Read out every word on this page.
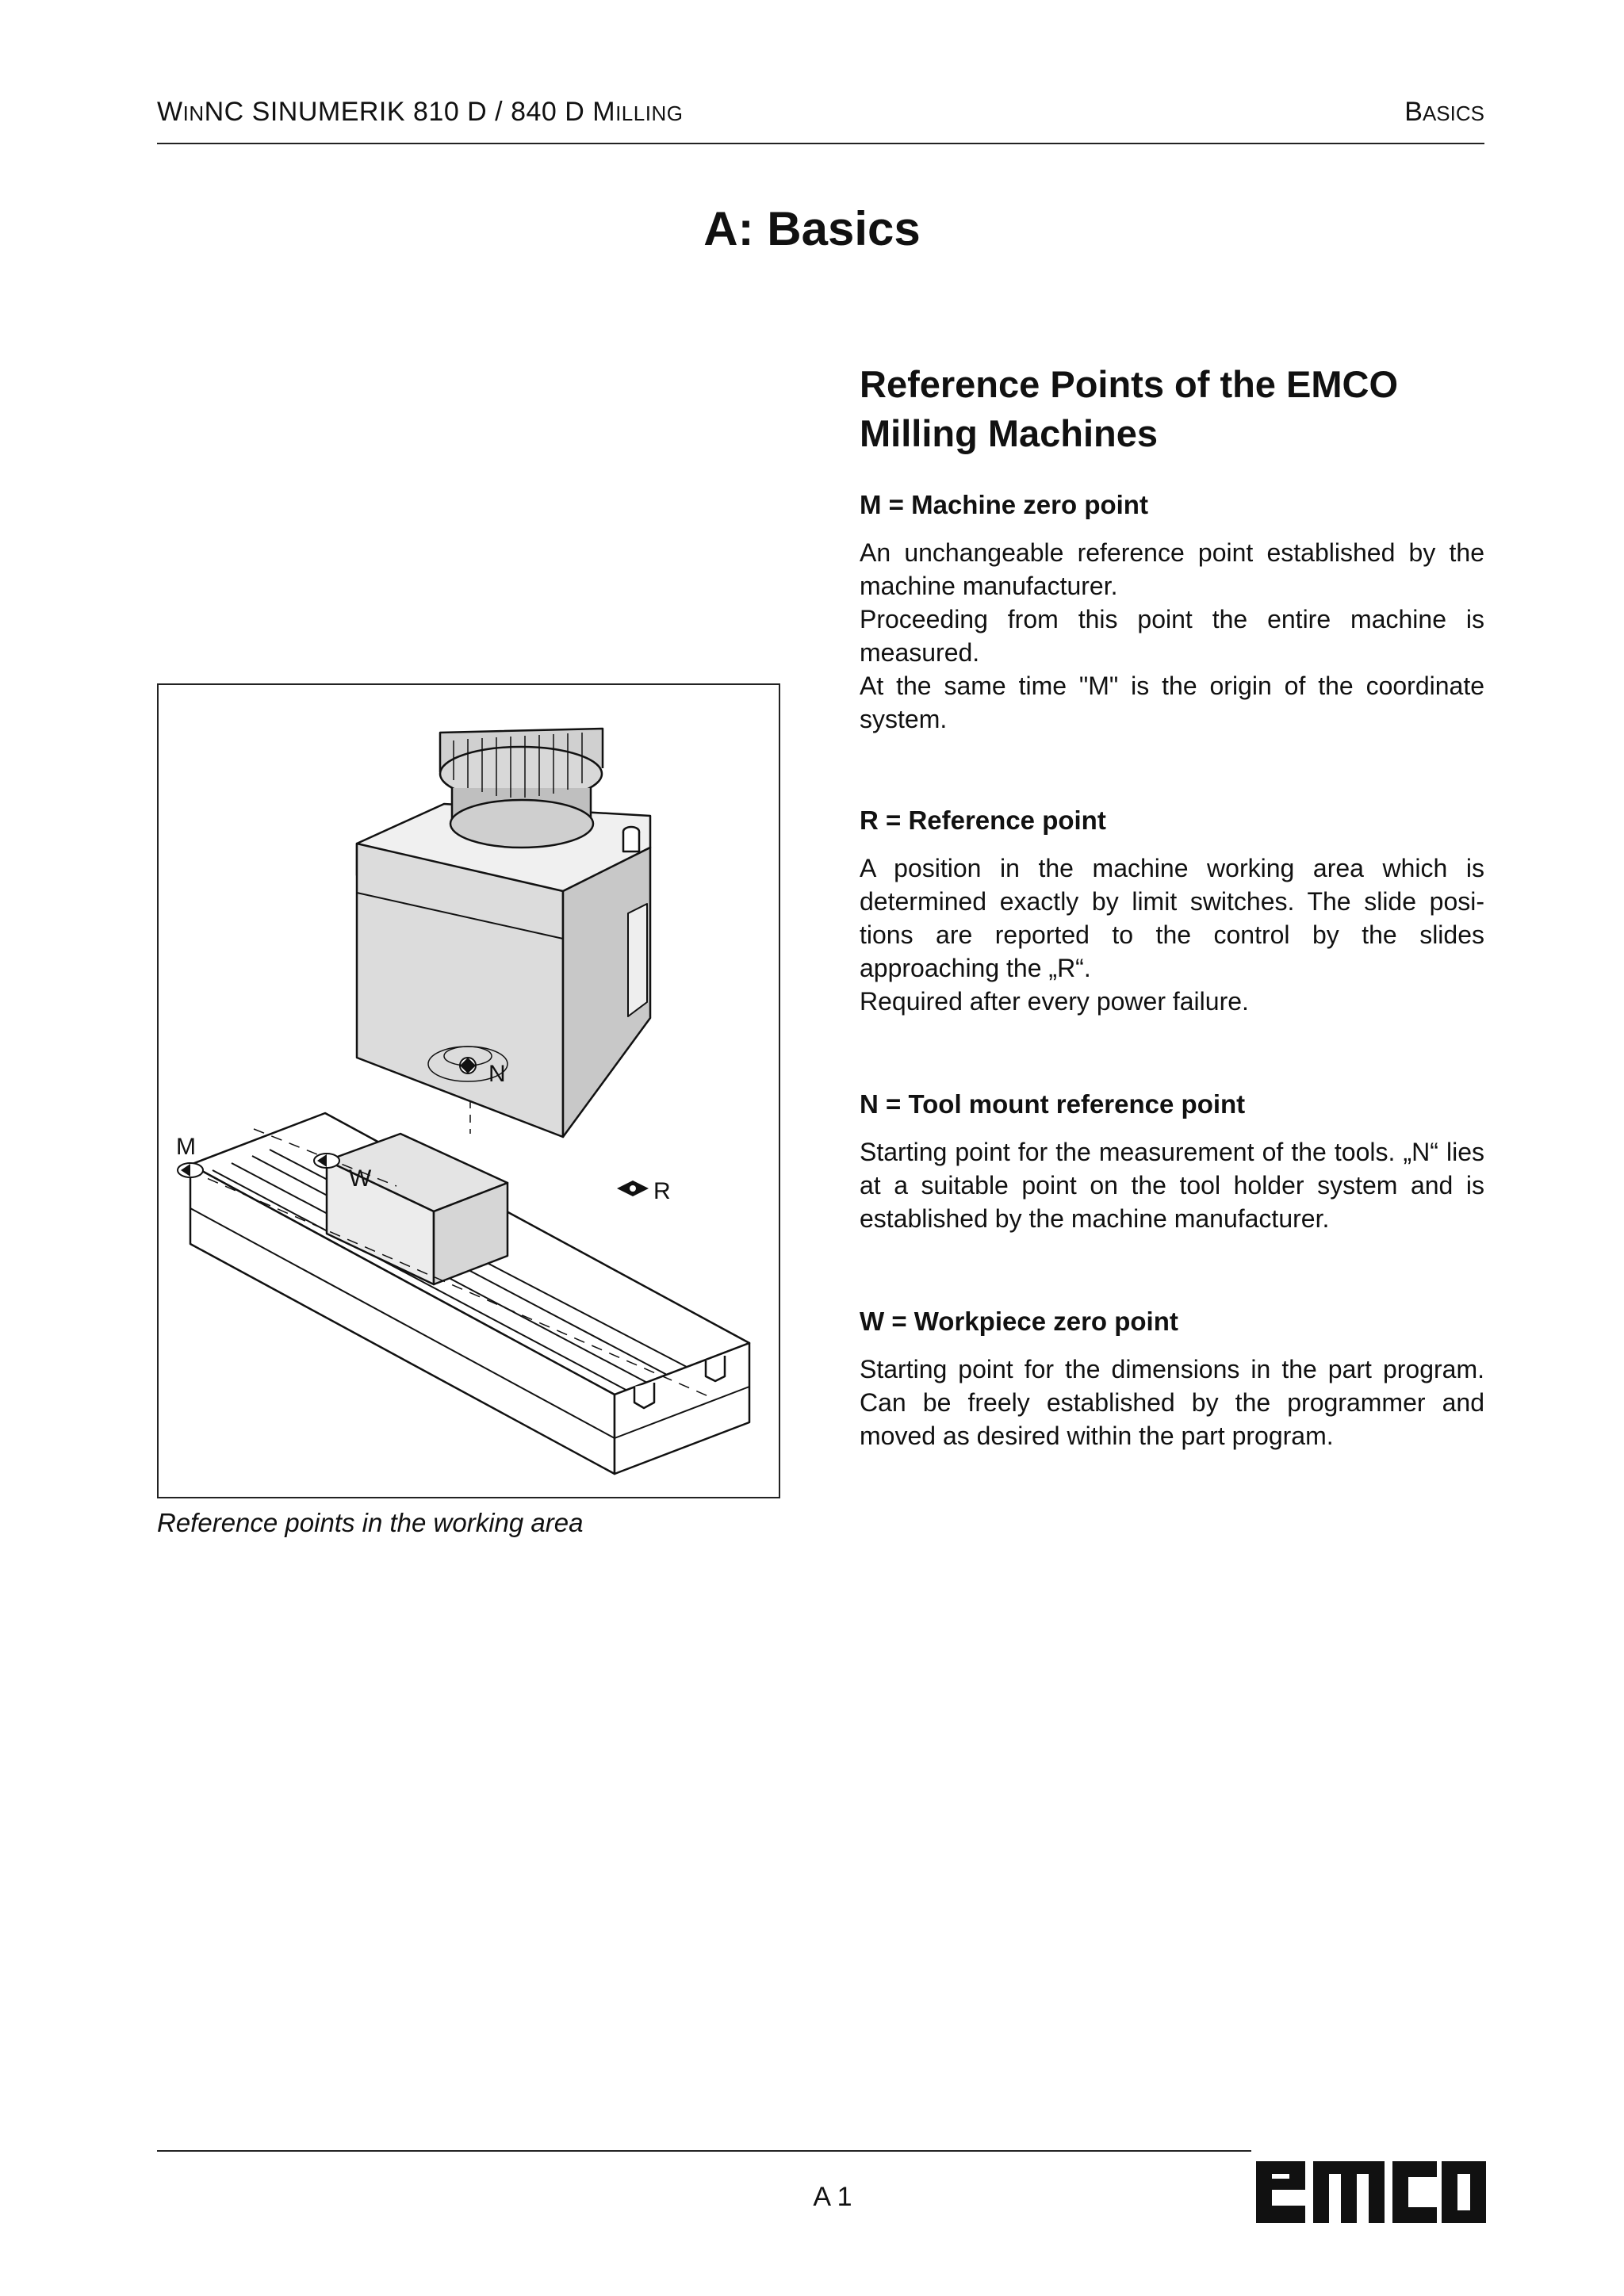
WINNC SINUMERIK 810 D / 840 D MILLING	BASICS
A: Basics
Reference Points of the EMCO
Milling Machines
M = Machine zero point

An unchangeable reference point established by the machine manufacturer.

Proceeding from this point the entire machine is measured.

At the same time "M" is the origin of the coordinate system.

R = Reference point

A position in the machine working area which is determined exactly by limit switches. The slide posi-tions are reported to the control by the slides approaching the „R“.

Required after every power failure.

N = Tool mount reference point

Starting point for the measurement of the tools. „N“ lies at a suitable point on the tool holder system and is established by the machine manufacturer.

W = Workpiece zero point

Starting point for the dimensions in the part program. Can be freely established by the programmer and moved as desired within the part program.

M
W
N
R
Reference points in the working area
A 1
